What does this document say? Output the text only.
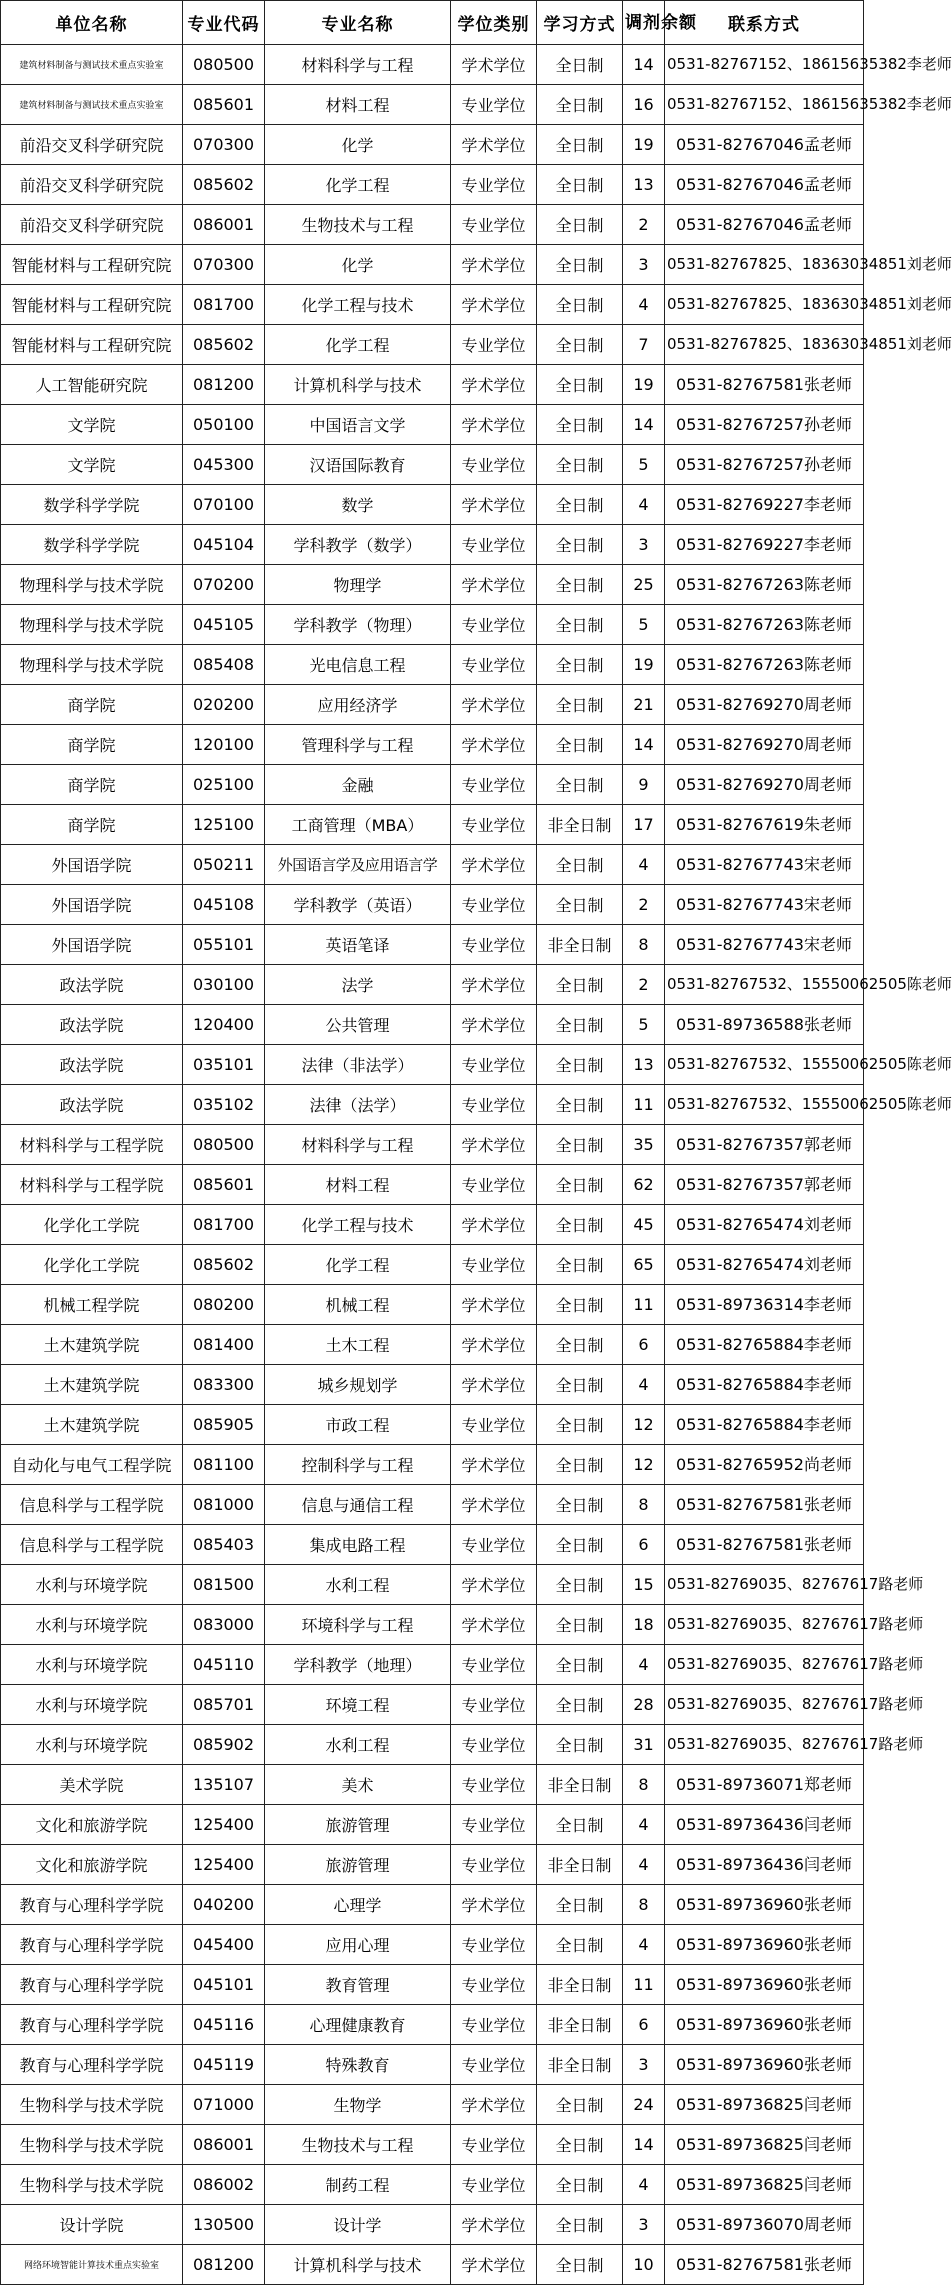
单位名称	专业代码	专业名称	学位类别	学习方式	调剂余额	联系方式
建筑材料制备与测试技术重点实验室	080500	材料科学与工程	学术学位	全日制	14	0531-82767152、18615635382李老师
建筑材料制备与测试技术重点实验室	085601	材料工程	专业学位	全日制	16	0531-82767152、18615635382李老师
前沿交叉科学研究院	070300	化学	学术学位	全日制	19	0531-82767046孟老师
前沿交叉科学研究院	085602	化学工程	专业学位	全日制	13	0531-82767046孟老师
前沿交叉科学研究院	086001	生物技术与工程	专业学位	全日制	2	0531-82767046孟老师
智能材料与工程研究院	070300	化学	学术学位	全日制	3	0531-82767825、18363034851刘老师
智能材料与工程研究院	081700	化学工程与技术	学术学位	全日制	4	0531-82767825、18363034851刘老师
智能材料与工程研究院	085602	化学工程	专业学位	全日制	7	0531-82767825、18363034851刘老师
人工智能研究院	081200	计算机科学与技术	学术学位	全日制	19	0531-82767581张老师
文学院	050100	中国语言文学	学术学位	全日制	14	0531-82767257孙老师
文学院	045300	汉语国际教育	专业学位	全日制	5	0531-82767257孙老师
数学科学学院	070100	数学	学术学位	全日制	4	0531-82769227李老师
数学科学学院	045104	学科教学（数学）	专业学位	全日制	3	0531-82769227李老师
物理科学与技术学院	070200	物理学	学术学位	全日制	25	0531-82767263陈老师
物理科学与技术学院	045105	学科教学（物理）	专业学位	全日制	5	0531-82767263陈老师
物理科学与技术学院	085408	光电信息工程	专业学位	全日制	19	0531-82767263陈老师
商学院	020200	应用经济学	学术学位	全日制	21	0531-82769270周老师
商学院	120100	管理科学与工程	学术学位	全日制	14	0531-82769270周老师
商学院	025100	金融	专业学位	全日制	9	0531-82769270周老师
商学院	125100	工商管理（MBA）	专业学位	非全日制	17	0531-82767619朱老师
外国语学院	050211	外国语言学及应用语言学	学术学位	全日制	4	0531-82767743宋老师
外国语学院	045108	学科教学（英语）	专业学位	全日制	2	0531-82767743宋老师
外国语学院	055101	英语笔译	专业学位	非全日制	8	0531-82767743宋老师
政法学院	030100	法学	学术学位	全日制	2	0531-82767532、15550062505陈老师
政法学院	120400	公共管理	学术学位	全日制	5	0531-89736588张老师
政法学院	035101	法律（非法学）	专业学位	全日制	13	0531-82767532、15550062505陈老师
政法学院	035102	法律（法学）	专业学位	全日制	11	0531-82767532、15550062505陈老师
材料科学与工程学院	080500	材料科学与工程	学术学位	全日制	35	0531-82767357郭老师
材料科学与工程学院	085601	材料工程	专业学位	全日制	62	0531-82767357郭老师
化学化工学院	081700	化学工程与技术	学术学位	全日制	45	0531-82765474刘老师
化学化工学院	085602	化学工程	专业学位	全日制	65	0531-82765474刘老师
机械工程学院	080200	机械工程	学术学位	全日制	11	0531-89736314李老师
土木建筑学院	081400	土木工程	学术学位	全日制	6	0531-82765884李老师
土木建筑学院	083300	城乡规划学	学术学位	全日制	4	0531-82765884李老师
土木建筑学院	085905	市政工程	专业学位	全日制	12	0531-82765884李老师
自动化与电气工程学院	081100	控制科学与工程	学术学位	全日制	12	0531-82765952尚老师
信息科学与工程学院	081000	信息与通信工程	学术学位	全日制	8	0531-82767581张老师
信息科学与工程学院	085403	集成电路工程	专业学位	全日制	6	0531-82767581张老师
水利与环境学院	081500	水利工程	学术学位	全日制	15	0531-82769035、82767617路老师
水利与环境学院	083000	环境科学与工程	学术学位	全日制	18	0531-82769035、82767617路老师
水利与环境学院	045110	学科教学（地理）	专业学位	全日制	4	0531-82769035、82767617路老师
水利与环境学院	085701	环境工程	专业学位	全日制	28	0531-82769035、82767617路老师
水利与环境学院	085902	水利工程	专业学位	全日制	31	0531-82769035、82767617路老师
美术学院	135107	美术	专业学位	非全日制	8	0531-89736071郑老师
文化和旅游学院	125400	旅游管理	专业学位	全日制	4	0531-89736436闫老师
文化和旅游学院	125400	旅游管理	专业学位	非全日制	4	0531-89736436闫老师
教育与心理科学学院	040200	心理学	学术学位	全日制	8	0531-89736960张老师
教育与心理科学学院	045400	应用心理	专业学位	全日制	4	0531-89736960张老师
教育与心理科学学院	045101	教育管理	专业学位	非全日制	11	0531-89736960张老师
教育与心理科学学院	045116	心理健康教育	专业学位	非全日制	6	0531-89736960张老师
教育与心理科学学院	045119	特殊教育	专业学位	非全日制	3	0531-89736960张老师
生物科学与技术学院	071000	生物学	学术学位	全日制	24	0531-89736825闫老师
生物科学与技术学院	086001	生物技术与工程	专业学位	全日制	14	0531-89736825闫老师
生物科学与技术学院	086002	制药工程	专业学位	全日制	4	0531-89736825闫老师
设计学院	130500	设计学	学术学位	全日制	3	0531-89736070周老师
网络环境智能计算技术重点实验室	081200	计算机科学与技术	学术学位	全日制	10	0531-82767581张老师
